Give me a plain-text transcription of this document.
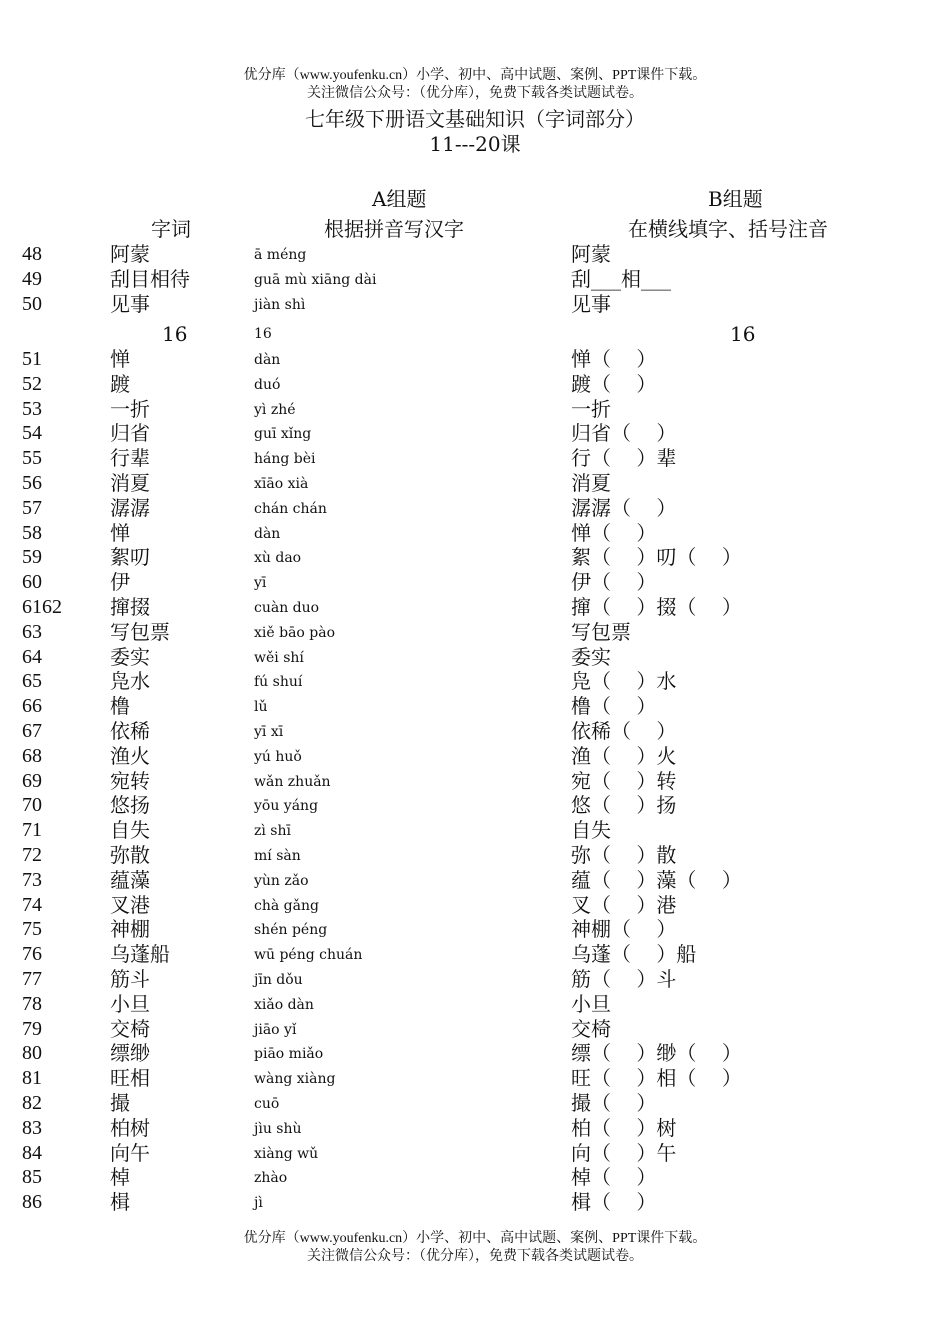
优分库（www.youfenku.cn）小学、初中、高中试题、案例、PPT课件下载。
关注微信公众号：（优分库），免费下载各类试题试卷。
七年级下册语文基础知识（字词部分）
11---20课
A组题	B组题
字词	根据拼音写汉字	在横线填字、括号注音
48	阿蒙	ā méng	阿蒙
49	刮目相待	guā mù xiāng dài	刮___相___
50	见事	jiàn shì	见事
16	16	16
51	惮	dàn	惮（    ）
52	踱	duó	踱（    ）
53	一折	yì zhé	一折
54	归省	guī xǐng	归省（    ）
55	行辈	háng bèi	行（    ）辈
56	消夏	xīāo xià	消夏
57	潺潺	chán chán	潺潺（    ）
58	惮	dàn	惮（    ）
59	絮叨	xù dao	絮（    ）叨（    ）
60	伊	yī	伊（    ）
6162 撺掇	cuàn duo	撺（    ）掇（    ）
63	写包票	xiě bāo pào	写包票
64	委实	wěi shí	委实
65	凫水	fú shuí	凫（    ）水
66	橹	lǔ	橹（    ）
67	依稀	yī xī	依稀（    ）
68	渔火	yú huǒ	渔（    ）火
69	宛转	wǎn zhuǎn	宛（    ）转
70	悠扬	yōu yáng	悠（    ）扬
71	自失	zì shī	自失
72	弥散	mí sàn	弥（    ）散
73	蕴藻	yùn zǎo	蕴（    ）藻（    ）
74	叉港	chà gǎng	叉（    ）港
75	神棚	shén péng	神棚（    ）
76	乌蓬船	wū péng chuán	乌蓬（    ）船
77	筋斗	jīn dǒu	筋（    ）斗
78	小旦	xiǎo dàn	小旦
79	交椅	jiāo yǐ	交椅
80	缥缈	piāo miǎo	缥（    ）缈（    ）
81	旺相	wàng xiàng	旺（    ）相（    ）
82	撮	cuō	撮（    ）
83	柏树	jìu shù	柏（    ）树
84	向午	xiàng wǔ	向（    ）午
85	棹	zhào	棹（    ）
86	楫	jì	楫（    ）
优分库（www.youfenku.cn）小学、初中、高中试题、案例、PPT课件下载。
关注微信公众号：（优分库），免费下载各类试题试卷。
